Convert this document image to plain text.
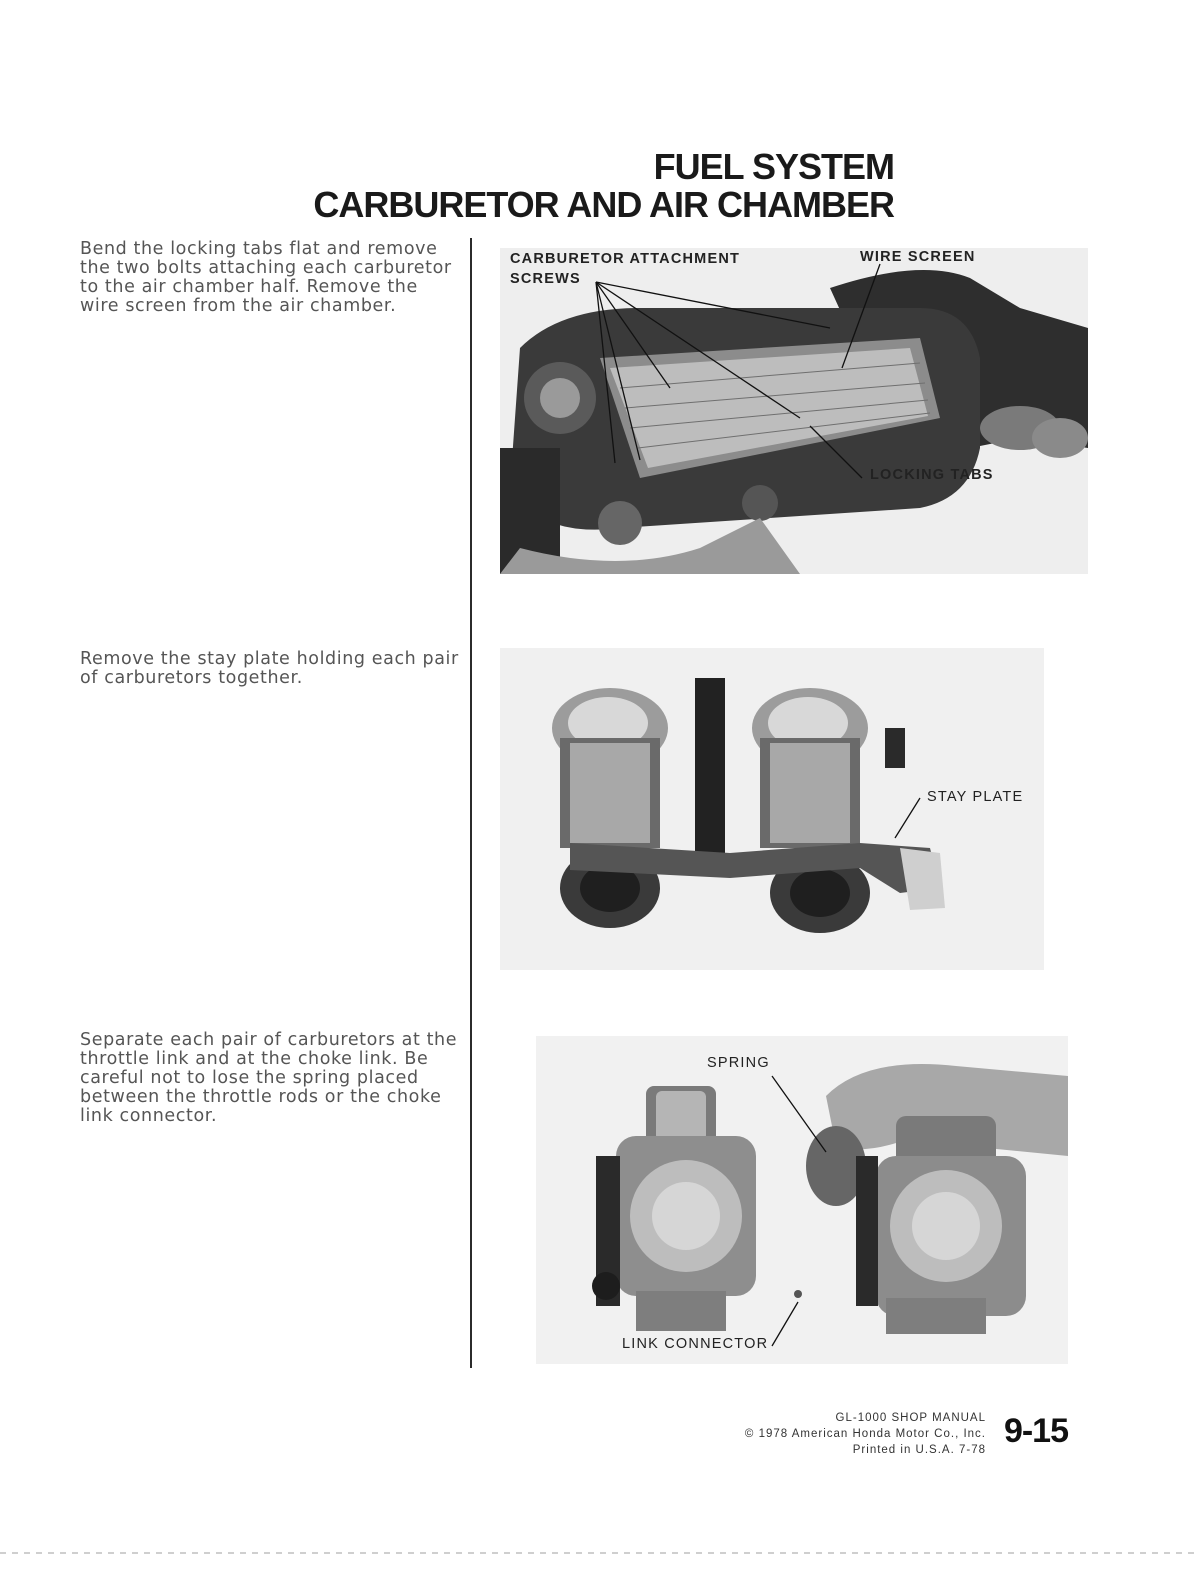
FUEL SYSTEM
CARBURETOR AND AIR CHAMBER
Bend the locking tabs flat and remove the two bolts attaching each carburetor to the air chamber half. Remove the wire screen from the air chamber.
CARBURETOR ATTACHMENT
SCREWS
WIRE SCREEN
LOCKING TABS
Remove the stay plate holding each pair of carburetors together.
STAY PLATE
Separate each pair of carburetors at the throttle link and at the choke link. Be careful not to lose the spring placed between the throttle rods or the choke link connector.
SPRING
LINK CONNECTOR
GL-1000 SHOP MANUAL
© 1978 American Honda Motor Co., Inc.
Printed in U.S.A. 7-78 9-15
